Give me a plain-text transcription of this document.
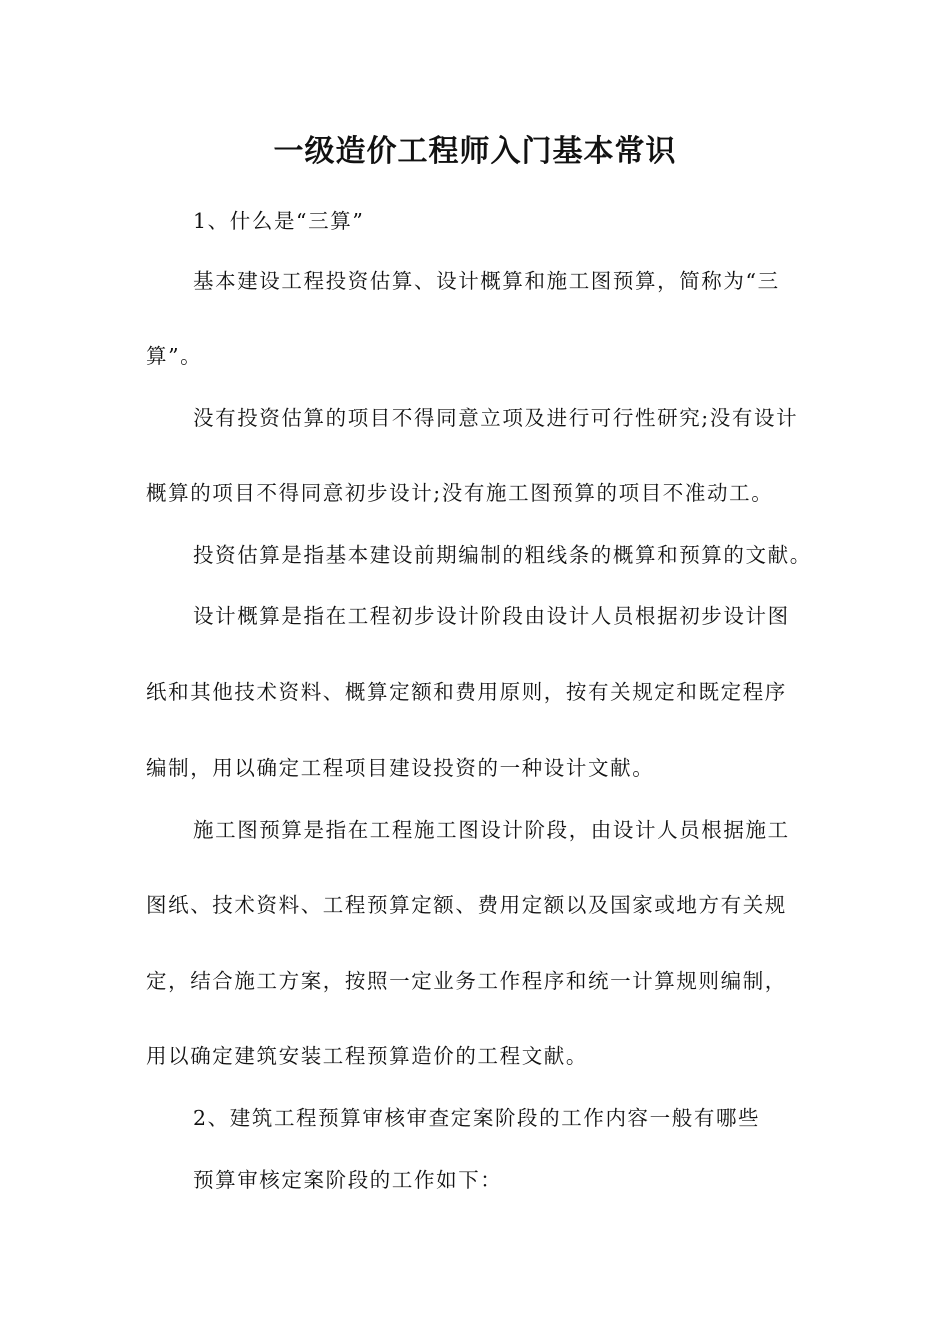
一级造价工程师入门基本常识
1、什么是“三算”
基本建设工程投资估算、设计概算和施工图预算，简称为“三
算”。
没有投资估算的项目不得同意立项及进行可行性研究;没有设计
概算的项目不得同意初步设计;没有施工图预算的项目不准动工。
投资估算是指基本建设前期编制的粗线条的概算和预算的文献。
设计概算是指在工程初步设计阶段由设计人员根据初步设计图
纸和其他技术资料、概算定额和费用原则，按有关规定和既定程序
编制，用以确定工程项目建设投资的一种设计文献。
施工图预算是指在工程施工图设计阶段，由设计人员根据施工
图纸、技术资料、工程预算定额、费用定额以及国家或地方有关规
定，结合施工方案，按照一定业务工作程序和统一计算规则编制，
用以确定建筑安装工程预算造价的工程文献。
2、建筑工程预算审核审查定案阶段的工作内容一般有哪些
预算审核定案阶段的工作如下：
